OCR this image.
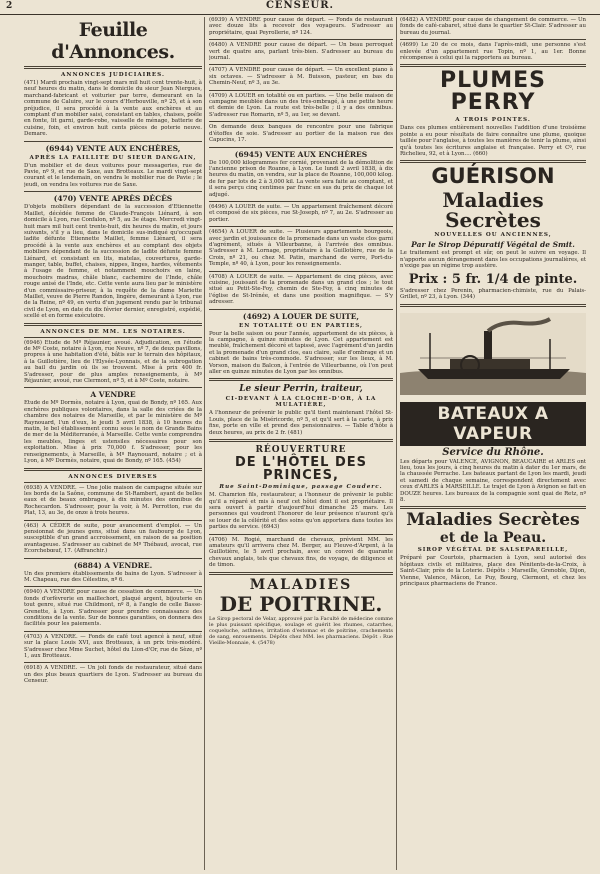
2	CENSEUR.
Feuille d'Annonces.
ANNONCES JUDICIAIRES.

(471) Mardi prochain vingt-sept mars mil huit cent trente-huit, à neuf heures du matin, dans le domicile du sieur Jean Niergues, marchand-fabricant et voiturier par terre, demeurant en la commune de Caluire, sur le cours d'Herbouville, nº 25, et à son préjudice, il sera procédé à la vente aux enchères et au comptant d'un mobilier saisi, consistant en tables, chaises, poêle en fonte, lit garni, garde-robe, vaisselle de ménage, batterie de cuisine, foin, et environ huit cents pièces de poterie neuve. Demare.

(6944) VENTE AUX ENCHÈRES,
APRÈS LA FAILLITE DU SIEUR DANGAIN,

D'un mobilier et de deux voitures pour messageries, rue de Pavie, nº 9, et rue de Saxe, aux Brotteaux. Le mardi vingt-sept courant et le lendemain, on vendra le mobilier rue de Pavie ; le jeudi, on vendra les voitures rue de Saxe.

(470) VENTE APRÈS DÉCÈS

D'objets mobiliers dépendant de la succession d'Etiennette Maillet, décédée femme de Claude-François Liénard, à son domicile à Lyon, rue Confalon, nº 5, au 3e étage. Mercredi vingt-huit mars mil huit cent trente-huit, dix heures du matin, et jours suivants, s'il y a lieu, dans le domicile sus-indiqué qu'occupait ladite défunte Etiennette Maillet, femme Liénard, il sera procédé à la vente aux enchères et au comptant des objets mobiliers dépendant de la succession de ladite défunte femme Liénard, et consistant en lits, matelas, couvertures, garde-manger, table, buffet, chaises, nippes, linges, hardes, vêtements à l'usage de femme, et notamment mouchoirs en laine, mouchoirs madras, châle blanc, cachemire de l'Inde, châle rouge anisé de l'Inde, etc. Cette vente aura lieu par le ministère d'un commissaire-priseur, à la requête de la dame Mariette Maillet, veuve de Pierre Randon, lingère, demeurant à Lyon, rue de la Reine, nº 49, en vertu d'un jugement rendu par le tribunal civil de Lyon, en date du dix février dernier, enregistré, expédié, scellé et en forme exécutoire.

ANNONCES DE MM. LES NOTAIRES.

(6946) Etude de Mº Réjaunier, avoué. Adjudication, en l'étude de Mº Coste, notaire à Lyon, rue Neuve, nº 7, de deux pavillons, propres à une habitation d'été, bâtis sur le terrain des hôpitaux, à la Guillotière, lieu de l'Elysée-Lyonnais, et de la subrogation au bail du jardin où ils se trouvent. Mise à prix 400 fr. S'adresser, pour de plus amples renseignements, à Mº Réjaunier, avoué, rue Clermont, nº 5, et à Mº Coste, notaire.

A VENDRE

Etude de Mº Dormès, notaire à Lyon, quai de Bondy, nº 165. Aux enchères publiques volontaires, dans la salle des criées de la chambre des notaires de Marseille, et par le ministère de Mº Raynouard, l'un d'eux, le jeudi 5 avril 1838, à 10 heures du matin, le bel établissement connu sous le nom de Grands Bains de mer de la Méditerranée, à Marseille. Cette vente comprendra les meubles, linges et ustensiles nécessaires pour son exploitation. Mise à prix 70,000 f. S'adresser, pour les renseignements, à Marseille, à Mº Raynouard, notaire ; et à Lyon, à Mº Dormès, notaire, quai de Bondy, nº 165. (454)

ANNONCES DIVERSES

(6938) A VENDRE. — Une jolie maison de campagne située sur les bords de la Saône, commune de St-Rambert, ayant de belles eaux et de beaux ombrages, à dix minutes des omnibus de Rochecardon. S'adresser, pour la voir, à M. Perrotton, rue du Plat, 13, au 3e, de onze à trois heures.

(463) A CÉDER de suite, pour avancement d'emploi. — Un pensionnat de jeunes gens, situé dans un faubourg de Lyon, susceptible d'un grand accroissement, en raison de sa position avantageuse. S'adresser au cabinet de Mº Thébaud, avocat, rue Ecorchebœuf, 17. (Affranchir.)

(6884) A VENDRE.

Un des premiers établissements de bains de Lyon. S'adresser à M. Chapeau, rue des Célestins, nº 6.

(6940) A VENDRE pour cause de cessation de commerce. — Un fonds d'orfèvrerie en maillechort, plaqué argent, bijouterie en tout genre, situé rue Childmont, nº 8, à l'angle de celle Basse-Grenette, à Lyon. S'adresser pour prendre connaissance des conditions de la vente. Sur de bonnes garanties, on donnera des facilités pour les paiements.

(4703) A VENDRE. — Fonds de café tout agencé à neuf, situé sur la place Louis XVI, aux Brotteaux, à un prix très-modéré. S'adresser chez Mme Suchet, hôtel du Lion-d'Or, rue de Sèze, nº 1, aux Brotteaux.

(6918) A VENDRE. — Un joli fonds de restaurateur, situé dans un des plus beaux quartiers de Lyon. S'adresser au bureau du Censeur.

(6939) A VENDRE pour cause de départ. — Fonds de restaurant avec douze lits à recevoir des voyageurs. S'adresser au propriétaire, quai Peyrollerie, nº 124.

(6480) A VENDRE pour cause de départ. — Un beau perroquet vert de quatre ans, parlant très-bien. S'adresser au bureau du journal.

(4707) A VENDRE pour cause de départ. — Un excellent piano à six octaves. — S'adresser à M. Buisson, pasteur, en bas du Chemin-Neuf, nº 3, au 3e.

(4709) A LOUER en totalité ou en parties. — Une belle maison de campagne meublée dans un des très-ombragé, à une petite heure et demie de Lyon. La route est très-belle ; il y a des omnibus. S'adresser rue Romarin, nº 5, au 1er, se devant.

On demande deux banques de rencontre pour une fabrique d'étoffes de soie. S'adresser au portier de la maison rue des Capucins, 17.

(6945) VENTE AUX ENCHÈRES

De 100,000 kilogrammes fer cornié, provenant de la démolition de l'ancienne prison de Roanne, à Lyon. Le lundi 2 avril 1838, à dix heures du matin, on vendra, sur la place de Roanne, 100,000 kilog. de fer par lots de 2 à 3,000 kil. La vente sera faite au comptant, et il sera perçu cinq centimes par franc en sus du prix de chaque lot adjugé.

(6496) A LOUER de suite. — Un appartement fraîchement décoré et composé de six pièces, rue St-Joseph, nº 7, au 2e. S'adresser au portier.

(4654) A LOUER de suite. — Plusieurs appartements bourgeois, avec jardin et jouissance de la promenade dans un vaste clos garni d'agrément, situés à Villeurbanne, à l'arrivée des omnibus. S'adresser à M. Lornage, propriétaire à la Guillotière, rue de la Croix, nº 21, ou chez M. Patin, marchand de verre, Port-du-Temple, nº 40, à Lyon, pour les renseignements.

(4708) A LOUER de suite. — Appartement de cinq pièces, avec cuisine, jouissant de la promenade dans un grand clos ; le tout situé au Petit-Ste-Foy, chemin de Ste-Foy, à cinq minutes de l'église de St-Irénée, et dans une position magnifique. — S'y adresser.

(4692) A LOUER DE SUITE,
EN TOTALITÉ OU EN PARTIES,

Pour la belle saison ou pour l'année, appartement de six pièces, à la campagne, à quinze minutes de Lyon. Cet appartement est meublé, fraîchement décoré et tapissé, avec l'agrément d'un jardin et la promenade d'un grand clos, eau claire, salle d'ombrage et un cabinet de bains très-commode. S'adresser, sur les lieux, à M. Vorson, maison du Balcon, à l'entrée de Villeurbanne, où l'on peut aller en quinze minutes de Lyon par les omnibus.

Le sieur Perrin, traiteur,
CI-DEVANT À LA CLOCHE-D'OR, À LA MULATIÈRE,

A l'honneur de prévenir le public qu'il tient maintenant l'hôtel St-Louis, place de la Miséricorde, nº 5, et qu'il sert à la carte, à prix fixe, porte en ville et prend des pensionnaires. — Table d'hôte à deux heures, au prix de 2 fr. (481)

RÉOUVERTURE
DE L'HÔTEL DES PRINCES,
Rue Saint-Dominique, passage Couderc.

M. Chamrion fils, restaurateur, a l'honneur de prévenir le public qu'il a réparé et mis à neuf cet hôtel dont il est propriétaire. Il sera ouvert à partir d'aujourd'hui dimanche 25 mars. Les personnes qui voudront l'honorer de leur présence n'auront qu'à se louer de la célérité et des soins qu'on apportera dans toutes les parties du service. (6943)

(4706) M. Rogié, marchand de chevaux, prévient MM. les amateurs qu'il arrivera chez M. Berger, au Fleuve-d'Argent, à la Guillotière, le 5 avril prochain, avec un convoi de quarante chevaux anglais, tels que chevaux fins, de voyage, de diligence et de timon.

MALADIES
DE POITRINE.

Le Sirop pectoral de Velar, approuvé par la Faculté de médecine comme le plus puissant spécifique, soulage et guérit les rhumes, catarrhes, coqueluche, asthmes, irritation d'estomac et de poitrine, crachements de sang, enrouements. Dépôts chez MM. les pharmaciens. Dépôt : Rue Vieille-Monnaie, 4. (5478)

(6482) A VENDRE pour cause de changement de commerce. — Un fonds de café-cabaret, situé dans le quartier St-Clair. S'adresser au bureau du journal.

(4699) Le 20 de ce mois, dans l'après-midi, une personne s'est enlevée d'un appartement rue Topin, nº 1, au 1er. Bonne récompense à celui qui la rapportera au bureau.

PLUMES PERRY
A TROIS POINTES.

Dans ces plumes entièrement nouvelles l'addition d'une troisième pointe a eu pour résultats de faire connaître une plume, quoique taillée pour l'anglaise, à toutes les manières de tenir la plume, ainsi qu'à toutes les écritures anglaise et française. Perry et Cº, rue Richelieu, 92, et à Lyon.... (660)

GUÉRISON
Maladies Secrètes
NOUVELLES OU ANCIENNES,
Par le Sirop Dépuratif Végétal de Smit.

Le traitement est prompt et sûr, on peut le suivre en voyage. Il n'apporte aucun dérangement dans les occupations journalières, et n'exige pas un régime trop austère.

Prix : 5 fr. 1/4 de pinte.

S'adresser chez Perenin, pharmacien-chimiste, rue du Palais-Grillet, nº 23, à Lyon. (344)

BATEAUX A VAPEUR
Service du Rhône.

Les départs pour VALENCE, AVIGNON, BEAUCAIRE et ARLES ont lieu, tous les jours, à cinq heures du matin à dater du 1er mars, de la chaussée Perrache. Les bateaux partant de Lyon les mardi, jeudi et samedi de chaque semaine, correspondent directement avec ceux d'ARLES à MARSEILLE. Le trajet de Lyon à Avignon se fait en DOUZE heures. Les bureaux de la compagnie sont quai de Retz, nº 8.

Maladies Secrètes
et de la Peau.
SIROP VÉGÉTAL DE SALSEPAREILLE,

Préparé par Courtois, pharmacien à Lyon, seul autorisé des hôpitaux civils et militaires, place des Pénitents-de-la-Croix, à Saint-Clair, près de la Loterie. Dépôts : Marseille, Grenoble, Dijon, Vienne, Valence, Mâcon, Le Puy, Bourg, Clermont, et chez les principaux pharmaciens de France.
